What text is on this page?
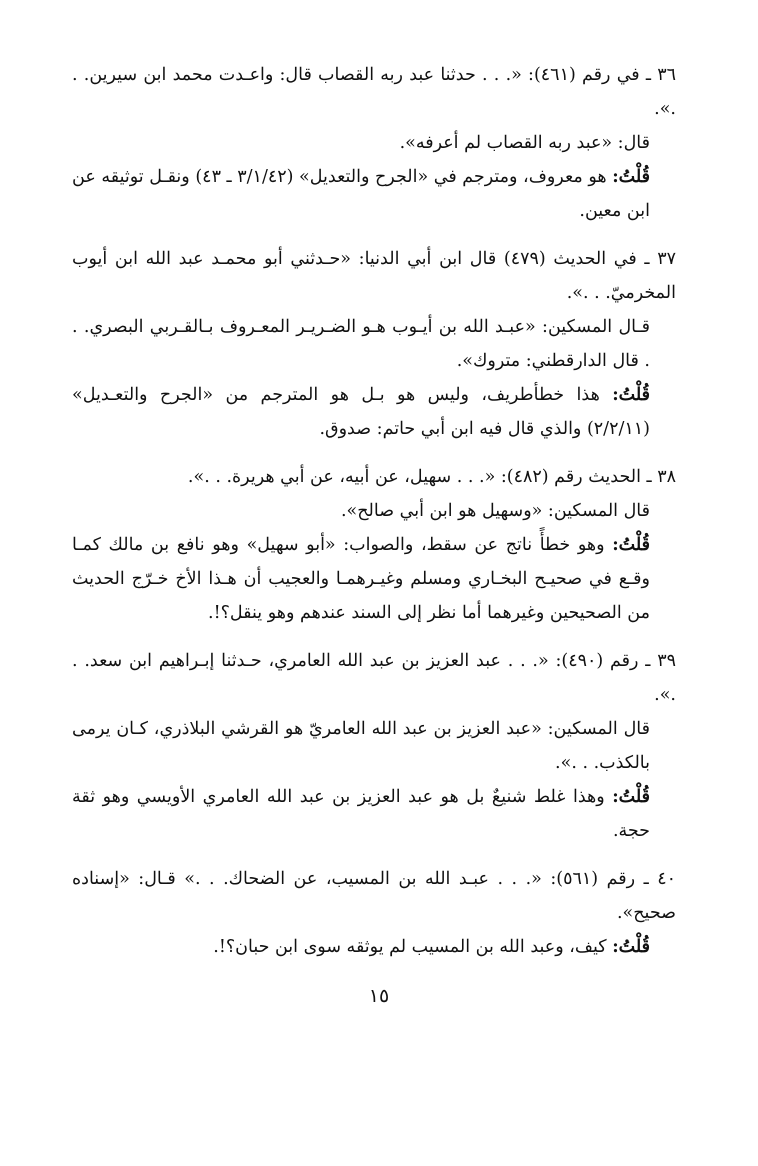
٣٦ ـ في رقم (٤٦١): «. . . حدثنا عبد ربه القصاب قال: واعـدت محمد ابن سيرين. . .».

قال: «عبد ربه القصاب لم أعرفه».

قُلْتُ: هو معروف، ومترجم في «الجرح والتعديل» (٣/١/٤٢ ـ ٤٣) ونقـل توثيقه عن ابن معين.

٣٧ ـ في الحديث (٤٧٩) قال ابن أبي الدنيا: «حـدثني أبو محمـد عبد الله ابن أيوب المخرميّ. . .».

قـال المسكين: «عبـد الله بن أيـوب هـو الضـريـر المعـروف بـالقـربي البصري. . . قال الدارقطني: متروك».

قُلْتُ: هذا خطأطريف، وليس هو بـل هو المترجم من «الجرح والتعـديل» (٢/٢/١١) والذي قال فيه ابن أبي حاتم: صدوق.

٣٨ ـ الحديث رقم (٤٨٢): «. . . سهيل، عن أبيه، عن أبي هريرة. . .».

قال المسكين: «وسهيل هو ابن أبي صالح».

قُلْتُ: وهو خطأً ناتج عن سقط، والصواب: «أبو سهيل» وهو نافع بن مالك كمـا وقـع في صحيـح البخـاري ومسلم وغيـرهمـا والعجيب أن هـذا الأخ خـرّج الحديث من الصحيحين وغيرهما أما نظر إلى السند عندهم وهو ينقل؟!.

٣٩ ـ رقم (٤٩٠): «. . . عبد العزيز بن عبد الله العامري، حـدثنا إبـراهيم ابن سعد. . .».

قال المسكين: «عبد العزيز بن عبد الله العامريّ هو القرشي البلاذري، كـان يرمى بالكذب. . .».

قُلْتُ: وهذا غلط شنيعٌ بل هو عبد العزيز بن عبد الله العامري الأويسي وهو ثقة حجة.

٤٠ ـ رقم (٥٦١): «. . . عبـد الله بن المسيب، عن الضحاك. . .» قـال: «إسناده صحيح».

قُلْتُ: كيف، وعبد الله بن المسيب لم يوثقه سوى ابن حبان؟!.

١٥
